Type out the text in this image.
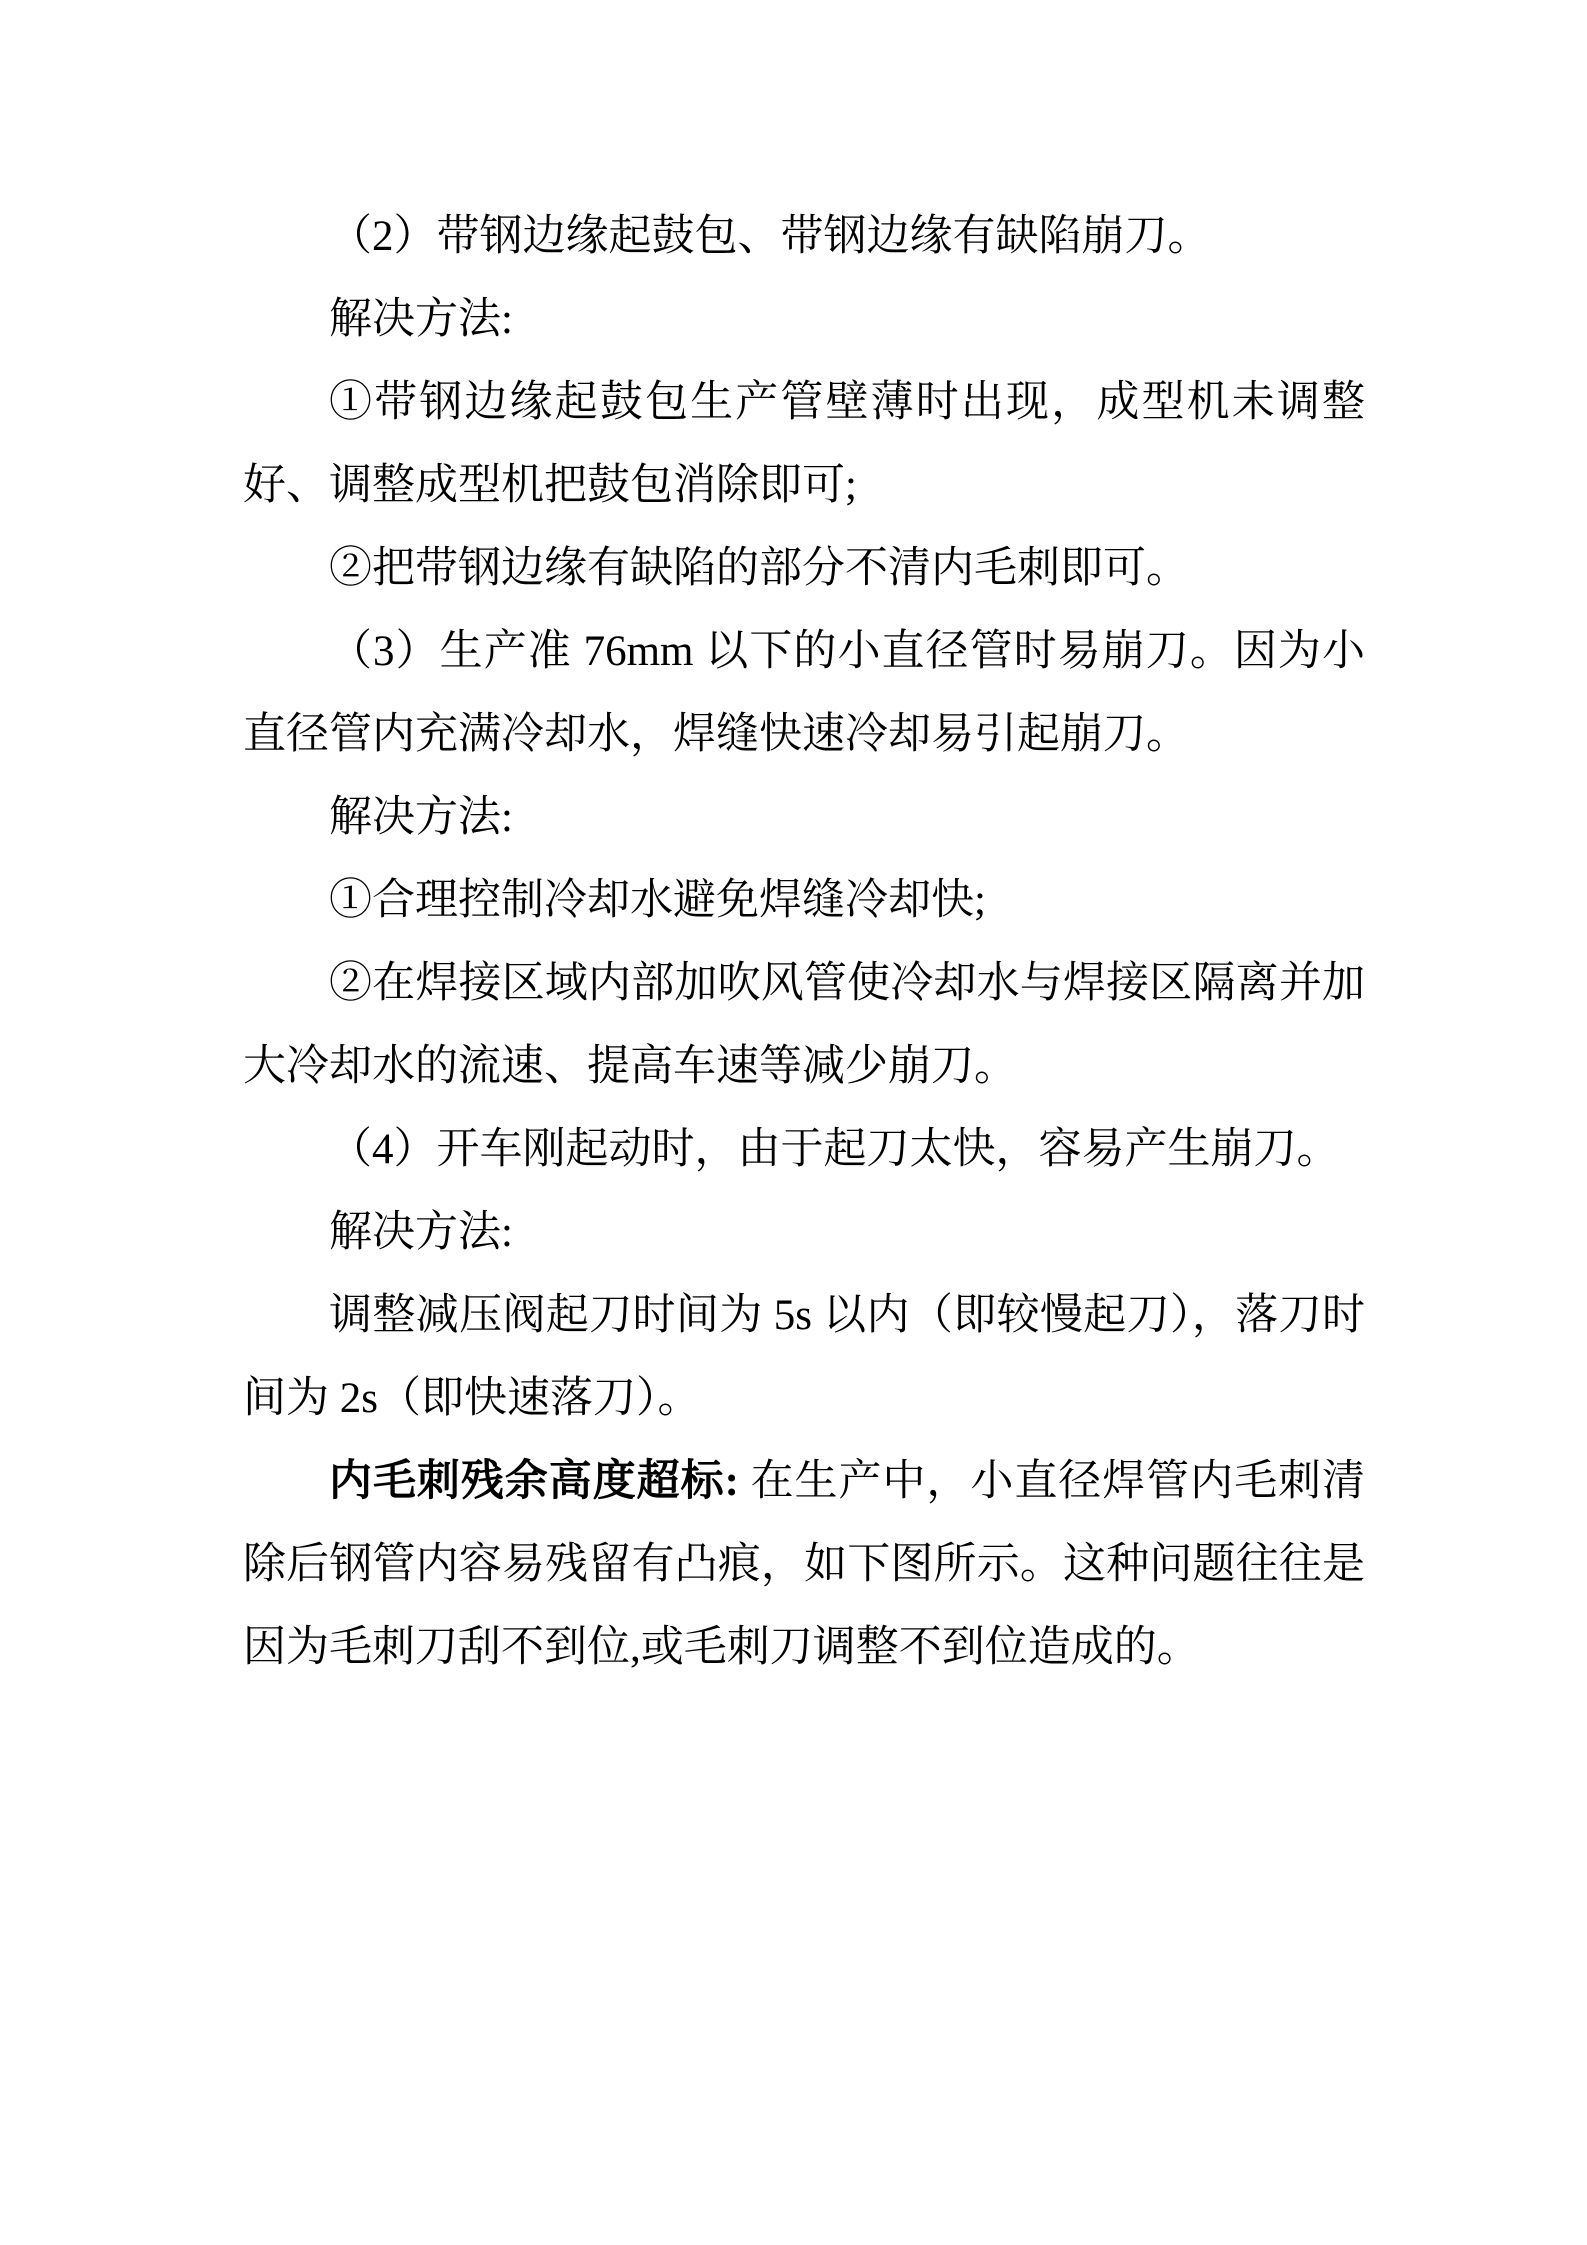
（2）带钢边缘起鼓包、带钢边缘有缺陷崩刀。

解决方法:

①带钢边缘起鼓包生产管壁薄时出现，成型机未调整好、调整成型机把鼓包消除即可;

②把带钢边缘有缺陷的部分不清内毛刺即可。

（3）生产准 76mm 以下的小直径管时易崩刀。因为小直径管内充满冷却水，焊缝快速冷却易引起崩刀。

解决方法:

①合理控制冷却水避免焊缝冷却快;

②在焊接区域内部加吹风管使冷却水与焊接区隔离并加大冷却水的流速、提高车速等减少崩刀。

（4）开车刚起动时，由于起刀太快，容易产生崩刀。

解决方法:

调整减压阀起刀时间为 5s 以内（即较慢起刀），落刀时间为 2s（即快速落刀）。

内毛刺残余高度超标: 在生产中，小直径焊管内毛刺清除后钢管内容易残留有凸痕，如下图所示。这种问题往往是因为毛刺刀刮不到位,或毛刺刀调整不到位造成的。
